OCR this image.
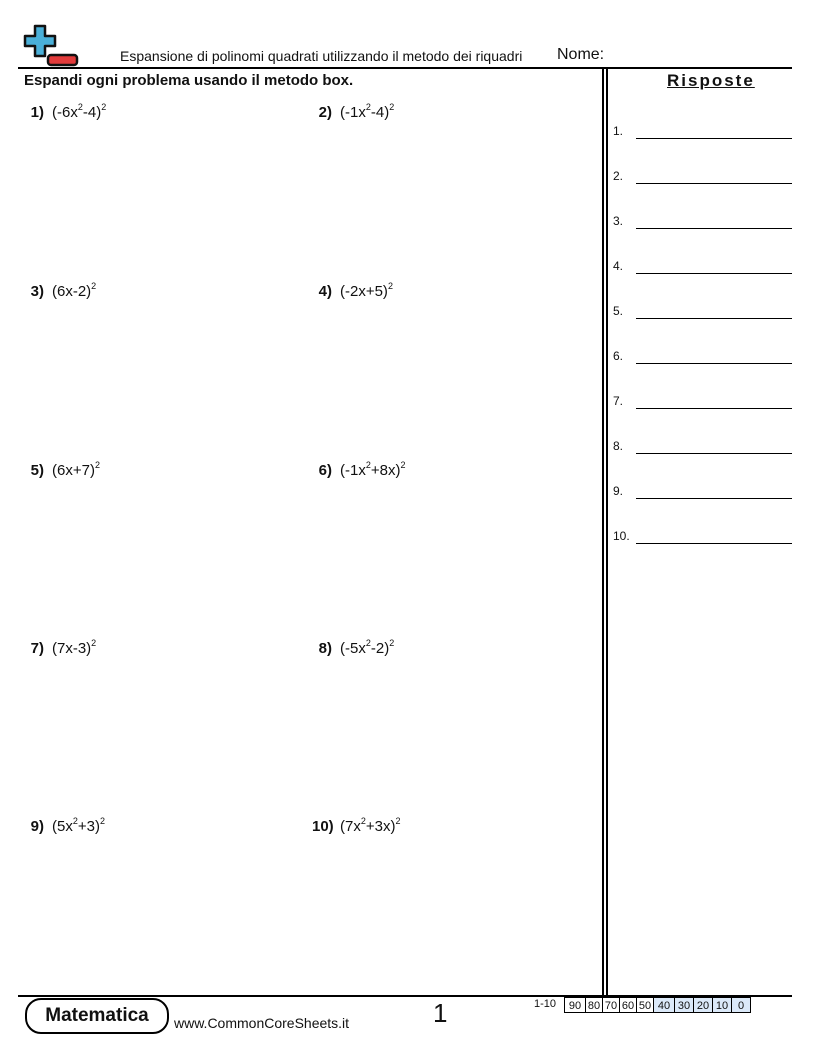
Espansione di polinomi quadrati utilizzando il metodo dei riquadri Nome:
Espandi ogni problema usando il metodo box.
1) $(-6x^2-4)^2$	2) $(-1x^2-4)^2$
3) $(6x-2)^2$	4) $(-2x+5)^2$
5) $(6x+7)^2$	6) $(-1x^2+8x)^2$
7) $(7x-3)^2$	8) $(-5x^2-2)^2$
9) $(5x^2+3)^2$	10) $(7x^2+3x)^2$
Risposte
1.
2.
3.
4.
5.
6.
7.
8.
9.
10.
Matematica	www.CommonCoreSheets.it	1	1-10	90 80 70 60 50 40 30 20 10 0
